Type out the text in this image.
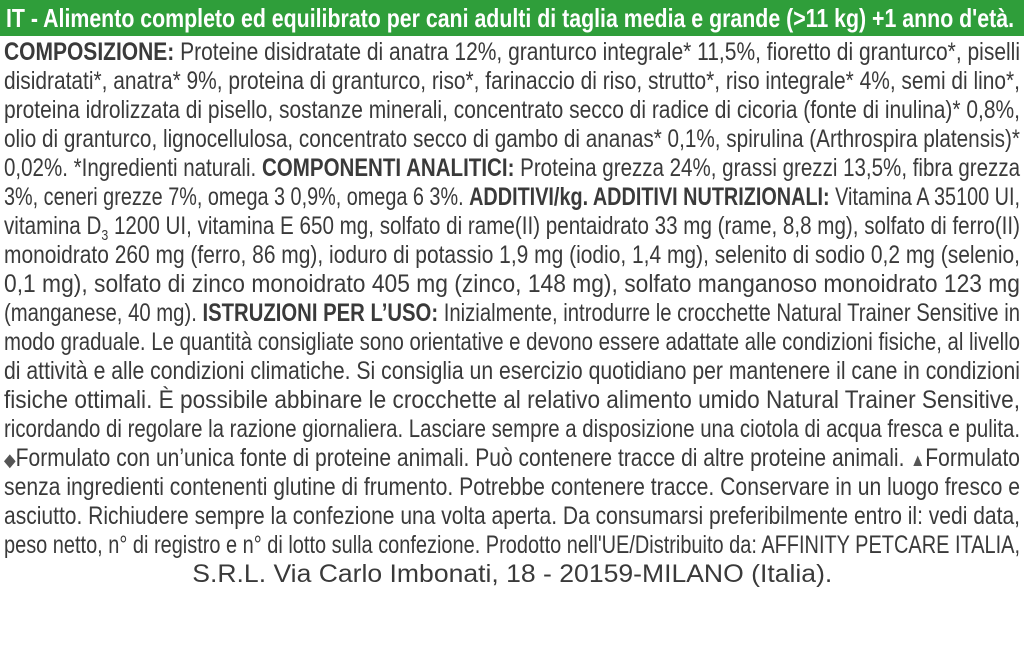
IT - Alimento completo ed equilibrato per cani adulti di taglia media e grande (>11 kg) +1 anno d'età.
COMPOSIZIONE: Proteine disidratate di anatra 12%, granturco integrale* 11,5%, fioretto di granturco*, piselli
disidratati*, anatra* 9%, proteina di granturco, riso*, farinaccio di riso, strutto*, riso integrale* 4%, semi di lino*,
proteina idrolizzata di pisello, sostanze minerali, concentrato secco di radice di cicoria (fonte di inulina)* 0,8%,
olio di granturco, lignocellulosa, concentrato secco di gambo di ananas* 0,1%, spirulina (Arthrospira platensis)*
0,02%. *Ingredienti naturali. COMPONENTI ANALITICI: Proteina grezza 24%, grassi grezzi 13,5%, fibra grezza
3%, ceneri grezze 7%, omega 3 0,9%, omega 6 3%. ADDITIVI/kg. ADDITIVI NUTRIZIONALI: Vitamina A 35100 UI,
vitamina $D_3$ 1200 UI, vitamina E 650 mg, solfato di rame(II) pentaidrato 33 mg (rame, 8,8 mg), solfato di ferro(II)
monoidrato 260 mg (ferro, 86 mg), ioduro di potassio 1,9 mg (iodio, 1,4 mg), selenito di sodio 0,2 mg (selenio,
0,1 mg), solfato di zinco monoidrato 405 mg (zinco, 148 mg), solfato manganoso monoidrato 123 mg
(manganese, 40 mg). ISTRUZIONI PER L’USO: Inizialmente, introdurre le crocchette Natural Trainer Sensitive in
modo graduale. Le quantità consigliate sono orientative e devono essere adattate alle condizioni fisiche, al livello
di attività e alle condizioni climatiche. Si consiglia un esercizio quotidiano per mantenere il cane in condizioni
fisiche ottimali. È possibile abbinare le crocchette al relativo alimento umido Natural Trainer Sensitive,
ricordando di regolare la razione giornaliera. Lasciare sempre a disposizione una ciotola di acqua fresca e pulita.
◆Formulato con un’unica fonte di proteine animali. Può contenere tracce di altre proteine animali. ▲Formulato
senza ingredienti contenenti glutine di frumento. Potrebbe contenere tracce. Conservare in un luogo fresco e
asciutto. Richiudere sempre la confezione una volta aperta. Da consumarsi preferibilmente entro il: vedi data,
peso netto, n° di registro e n° di lotto sulla confezione. Prodotto nell'UE/Distribuito da: AFFINITY PETCARE ITALIA,
S.R.L. Via Carlo Imbonati, 18 - 20159-MILANO (Italia).
